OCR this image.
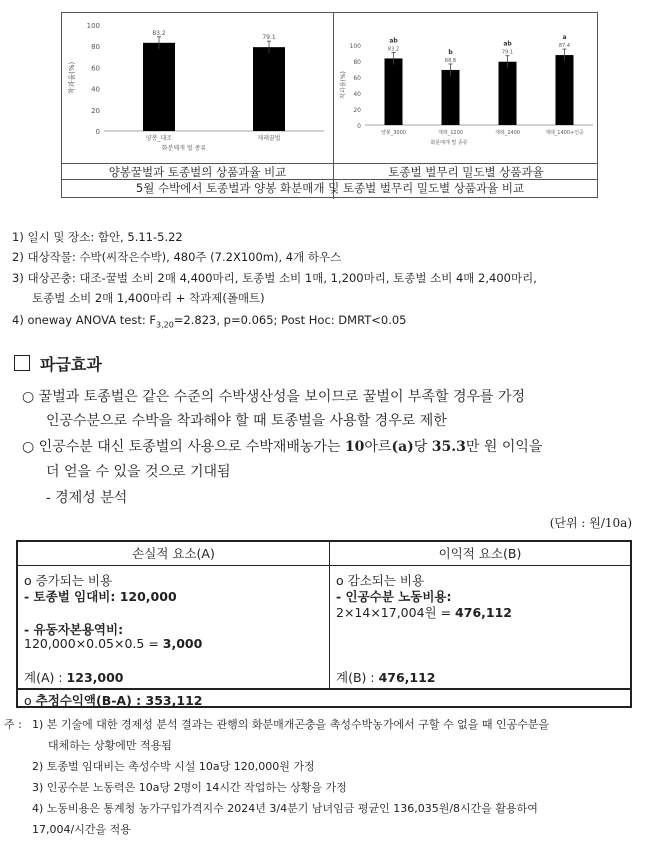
100
80
60
40
20
0
착과율(%)
83.2
양봉_대조
79.1
제래꿀벌
화분매개 벌 종류
100
80
60
40
20
0
착과율(%)
83.2
ab
양봉_3000
68.8
b
재래_1200
79.1
ab
재래_2400
87.4
a
재래_1400+인공
화분매개 벌 종류
양봉꿀벌과 토종벌의 상품과율 비교	토종벌 벌무리 밀도별 상품과율
5월 수박에서 토종벌과 양봉 화분매개 및 토종벌 벌무리 밀도별 상품과율 비교
1) 일시 및 장소: 함안, 5.11-5.22
2) 대상작물: 수박(씨작은수박), 480주 (7.2X100m), 4개 하우스
3) 대상곤충: 대조-꿀벌 소비 2매 4,400마리, 토종벌 소비 1매, 1,200마리, 토종벌 소비 4매 2,400마리,
토종벌 소비 2매 1,400마리 + 착과제(폴매트)
4) oneway ANOVA test: $F_{3,20}=2.823$, p=0.065; Post Hoc: DMRT<0.05
파급효과
○ 꿀벌과 토종벌은 같은 수준의 수박생산성을 보이므로 꿀벌이 부족할 경우를 가정
인공수분으로 수박을 착과해야 할 때 토종벌을 사용할 경우로 제한
○ 인공수분 대신 토종벌의 사용으로 수박재배농가는 10아르(a)당 35.3만 원 이익을
더 얻을 수 있을 것으로 기대됨
- 경제성 분석
(단위 : 원/10a)
손실적 요소(A)	이익적 요소(B)
o 증가되는 비용
- 토종벌 임대비: 120,000
- 유동자본용역비:
120,000×0.05×0.5 = 3,000
계(A) : 123,000
o 감소되는 비용
- 인공수분 노동비용:
2×14×17,004원 = 476,112
계(B) : 476,112
o 추정수익액(B-A) : 353,112
주 : 1) 본 기술에 대한 경제성 분석 결과는 관행의 화분매개곤충을 촉성수박농가에서 구할 수 없을 때 인공수분을
대체하는 상황에만 적용됨
2) 토종벌 임대비는 촉성수박 시설 10a당 120,000원 가정
3) 인공수분 노동력은 10a당 2명이 14시간 작업하는 상황을 가정
4) 노동비용은 통계청 농가구입가격지수 2024년 3/4분기 남녀임금 평균인 136,035원/8시간을 활용하여
17,004/시간을 적용
